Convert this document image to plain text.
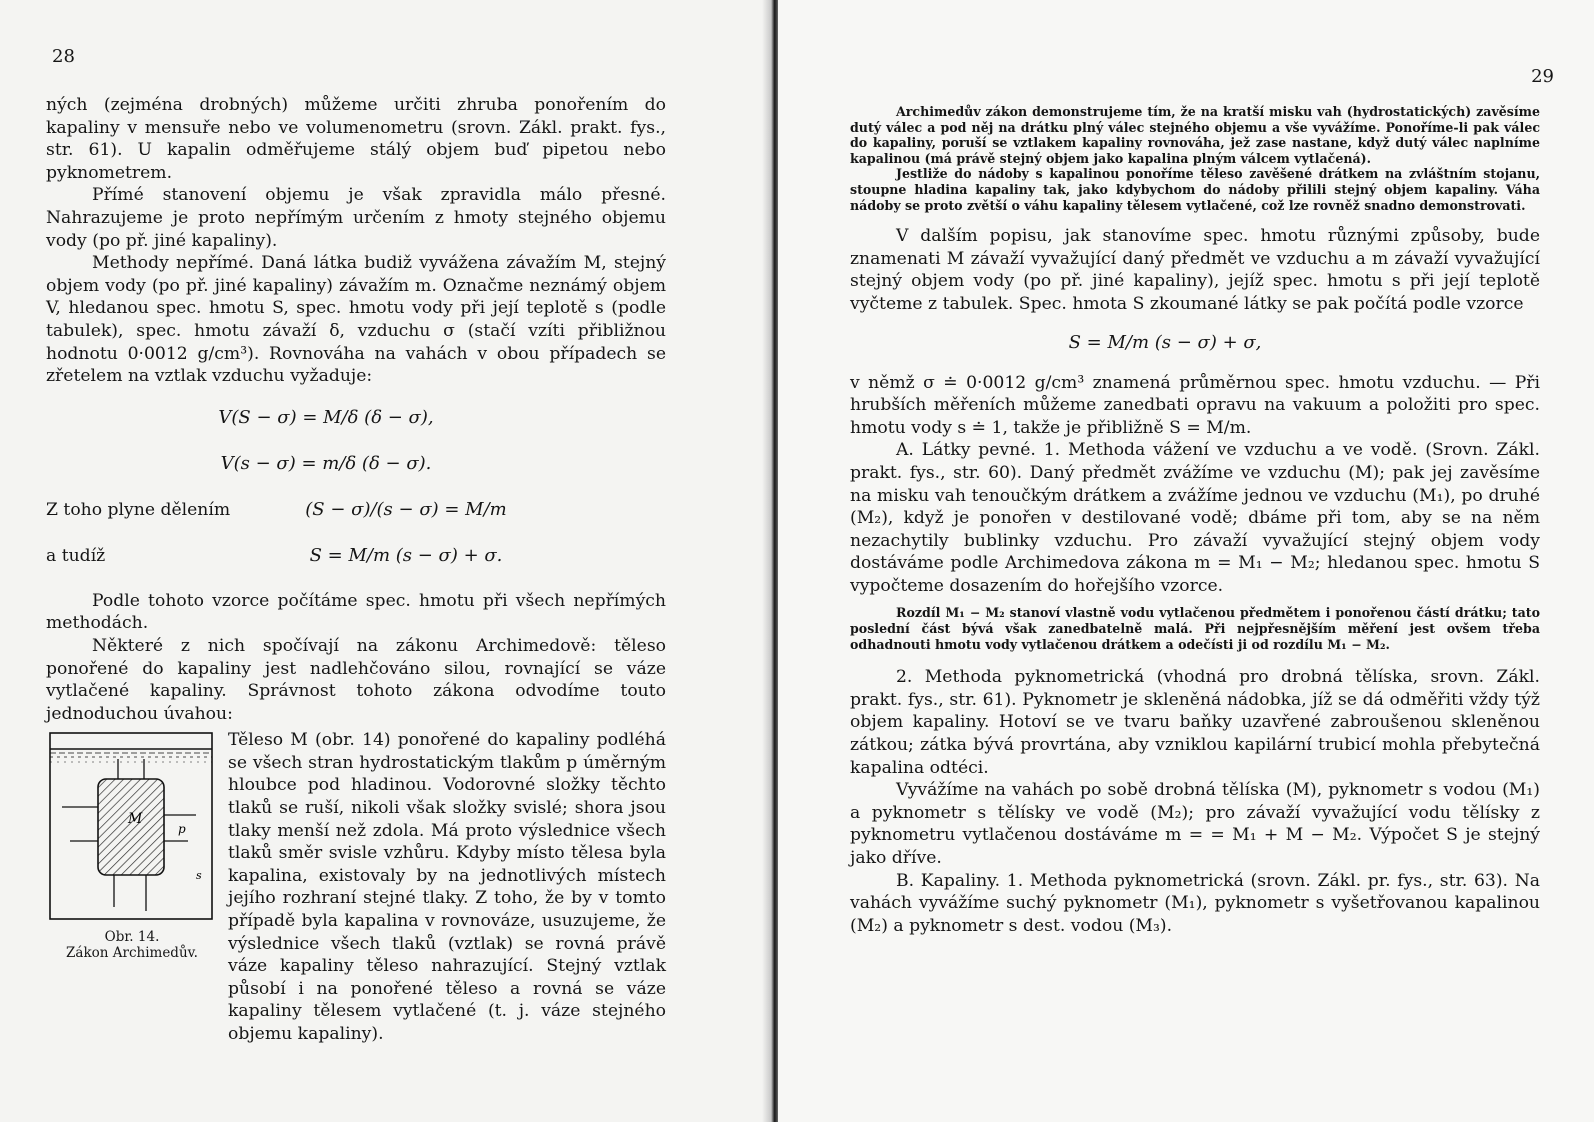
28

ných (zejména drobných) můžeme určiti zhruba ponořením do kapaliny v mensuře nebo ve volumenometru (srovn. Zákl. prakt. fys., str. 61). U kapalin odměřujeme stálý objem buď pipetou nebo pyknometrem.

Přímé stanovení objemu je však zpravidla málo přesné. Nahrazujeme je proto nepřímým určením z hmoty stejného objemu vody (po př. jiné kapaliny).

Methody nepřímé. Daná látka budiž vyvážena závažím M, stejný objem vody (po př. jiné kapaliny) závažím m. Označme neznámý objem V, hledanou spec. hmotu S, spec. hmotu vody při její teplotě s (podle tabulek), spec. hmotu závaží δ, vzduchu σ (stačí vzíti přibližnou hodnotu 0·0012 g/cm³). Rovnováha na vahách v obou případech se zřetelem na vztlak vzduchu vyžaduje:

V(S − σ) = M/δ (δ − σ),
V(s − σ) = m/δ (δ − σ).
Z toho plyne dělením	(S − σ)/(s − σ) = M/m
a tudíž	S = M/m (s − σ) + σ.

Podle tohoto vzorce počítáme spec. hmotu při všech nepřímých methodách.

Některé z nich spočívají na zákonu Archimedově: těleso ponořené do kapaliny jest nadlehčováno silou, rovnající se váze vytlačené kapaliny. Správnost tohoto zákona odvodíme touto jednoduchou úvahou:

M
p
s
Obr. 14.
Zákon Archimedův.

Těleso M (obr. 14) ponořené do kapaliny podléhá se všech stran hydrostatickým tlakům p úměrným hloubce pod hladinou. Vodorovné složky těchto tlaků se ruší, nikoli však složky svislé; shora jsou tlaky menší než zdola. Má proto výslednice všech tlaků směr svisle vzhůru. Kdyby místo tělesa byla kapalina, existovaly by na jednotlivých místech jejího rozhraní stejné tlaky. Z toho, že by v tomto případě byla kapalina v rovnováze, usuzujeme, že výslednice všech tlaků (vztlak) se rovná právě váze kapaliny těleso nahrazující. Stejný vztlak působí i na ponořené těleso a rovná se váze kapaliny tělesem vytlačené (t. j. váze stejného objemu kapaliny).

29

Archimedův zákon demonstrujeme tím, že na kratší misku vah (hydrostatických) zavěsíme dutý válec a pod něj na drátku plný válec stejného objemu a vše vyvážíme. Ponoříme-li pak válec do kapaliny, poruší se vztlakem kapaliny rovnováha, jež zase nastane, když dutý válec naplníme kapalinou (má právě stejný objem jako kapalina plným válcem vytlačená).

Jestliže do nádoby s kapalinou ponoříme těleso zavěšené drátkem na zvláštním stojanu, stoupne hladina kapaliny tak, jako kdybychom do nádoby přilili stejný objem kapaliny. Váha nádoby se proto zvětší o váhu kapaliny tělesem vytlačené, což lze rovněž snadno demonstrovati.

V dalším popisu, jak stanovíme spec. hmotu různými způsoby, bude znamenati M závaží vyvažující daný předmět ve vzduchu a m závaží vyvažující stejný objem vody (po př. jiné kapaliny), jejíž spec. hmotu s při její teplotě vyčteme z tabulek. Spec. hmota S zkoumané látky se pak počítá podle vzorce

S = M/m (s − σ) + σ,

v němž σ ≐ 0·0012 g/cm³ znamená průměrnou spec. hmotu vzduchu. — Při hrubších měřeních můžeme zanedbati opravu na vakuum a položiti pro spec. hmotu vody s ≐ 1, takže je přibližně S = M/m.

A. Látky pevné. 1. Methoda vážení ve vzduchu a ve vodě. (Srovn. Zákl. prakt. fys., str. 60). Daný předmět zvážíme ve vzduchu (M); pak jej zavěsíme na misku vah tenoučkým drátkem a zvážíme jednou ve vzduchu (M₁), po druhé (M₂), když je ponořen v destilované vodě; dbáme při tom, aby se na něm nezachytily bublinky vzduchu. Pro závaží vyvažující stejný objem vody dostáváme podle Archimedova zákona m = M₁ − M₂; hledanou spec. hmotu S vypočteme dosazením do hořejšího vzorce.

Rozdíl M₁ − M₂ stanoví vlastně vodu vytlačenou předmětem i ponořenou částí drátku; tato poslední část bývá však zanedbatelně malá. Při nejpřesnějším měření jest ovšem třeba odhadnouti hmotu vody vytlačenou drátkem a odečísti ji od rozdílu M₁ − M₂.

2. Methoda pyknometrická (vhodná pro drobná tělíska, srovn. Zákl. prakt. fys., str. 61). Pyknometr je skleněná nádobka, jíž se dá odměřiti vždy týž objem kapaliny. Hotoví se ve tvaru baňky uzavřené zabroušenou skleněnou zátkou; zátka bývá provrtána, aby vzniklou kapilární trubicí mohla přebytečná kapalina odtéci.

Vyvážíme na vahách po sobě drobná tělíska (M), pyknometr s vodou (M₁) a pyknometr s tělísky ve vodě (M₂); pro závaží vyvažující vodu tělísky z pyknometru vytlačenou dostáváme m = = M₁ + M − M₂. Výpočet S je stejný jako dříve.

B. Kapaliny. 1. Methoda pyknometrická (srovn. Zákl. pr. fys., str. 63). Na vahách vyvážíme suchý pyknometr (M₁), pyknometr s vyšetřovanou kapalinou (M₂) a pyknometr s dest. vodou (M₃).
